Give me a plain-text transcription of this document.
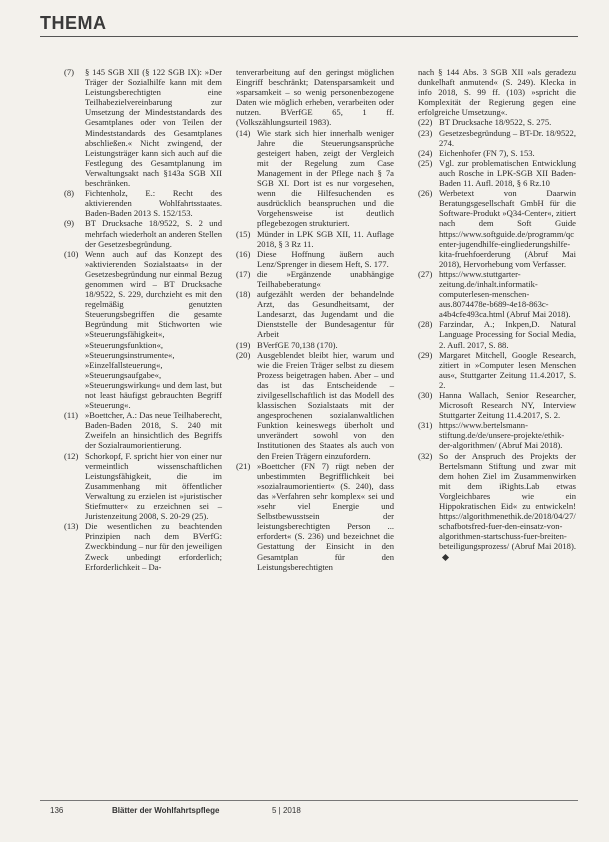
THEMA
(7)	§ 145 SGB XII (§ 122 SGB IX): »Der Träger der Sozialhilfe kann mit dem Leistungsberechtigten eine Teilhabezielvereinbarung zur Umsetzung der Mindeststandards des Gesamtplanes oder von Teilen der Mindeststandards des Gesamtplanes abschließen.« Nicht zwingend, der Leistungsträger kann sich auch auf die Festlegung des Gesamtplanung im Verwaltungsakt nach §143a SGB XII beschränken.
(8)	Fichtenholz, E.: Recht des aktivierenden Wohlfahrtsstaates. Baden-Baden 2013 S. 152/153.
(9)	BT Drucksache 18/9522, S. 2 und mehrfach wiederholt an anderen Stellen der Gesetzesbegründung.
(10) Wenn auch auf das Konzept des »aktivierenden Sozialstaats« in der Gesetzesbegründung nur einmal Bezug genommen wird – BT Drucksache 18/9522, S. 229, durchzieht es mit den regelmäßig genutzten Steuerungsbegriffen die gesamte Begründung mit Stichworten wie »Steuerungsfähigkeit«, »Steuerungsfunktion«, »Steuerungsinstrumente«, »Einzelfallsteuerung«, »Steuerungsaufgabe«, »Steuerungswirkung« und dem last, but not least häufigst gebrauchten Begriff »Steuerung«.
(11) »Boettcher, A.: Das neue Teilhaberecht, Baden-Baden 2018, S. 240 mit Zweifeln an hinsichtlich des Begriffs der Sozialraumorientierung.
(12) Schorkopf, F. spricht hier von einer nur vermeintlich wissenschaftlichen Leistungsfähigkeit, die im Zusammenhang mit öffentlicher Verwaltung zu erzielen ist »juristischer Stiefmutter« zu erzeichnen sei – Juristenzeitung 2008, S. 20-29 (25).
(13) Die wesentlichen zu beachtenden Prinzipien nach dem BVerfG: Zweckbindung – nur für den jeweiligen Zweck unbedingt erforderlich; Erforderlichkeit – Da-
tenverarbeitung auf den geringst möglichen Eingriff beschränkt; Datensparsamkeit und »sparsamkeit – so wenig personenbezogene Daten wie möglich erheben, verarbeiten oder nutzen. BVerfGE 65, 1 ff. (Volkszählungsurteil 1983).
(14) Wie stark sich hier innerhalb weniger Jahre die Steuerungsansprüche gesteigert haben, zeigt der Vergleich mit der Regelung zum Case Management in der Pflege nach § 7a SGB XI. Dort ist es nur vorgesehen, wenn die Hilfesuchenden es ausdrücklich beanspruchen und die Vorgehensweise ist deutlich pflegebezogen strukturiert.
(15) Münder in LPK SGB XII, 11. Auflage 2018, § 3 Rz 11.
(16) Diese Hoffnung äußern auch Lenz/Sprenger in diesem Heft, S. 177.
(17) die »Ergänzende unabhängige Teilhabeberatung«
(18) aufgezählt werden der behandelnde Arzt, das Gesundheitsamt, der Landesarzt, das Jugendamt und die Dienststelle der Bundesagentur für Arbeit
(19) BVerfGE 70,138 (170).
(20) Ausgeblendet bleibt hier, warum und wie die Freien Träger selbst zu diesem Prozess beigetragen haben. Aber – und das ist das Entscheidende – zivilgesellschaftlich ist das Modell des klassischen Sozialstaats mit der angesprochenen sozialanwaltlichen Funktion keineswegs überholt und unverändert sowohl von den Institutionen des Staates als auch von den Freien Trägern einzufordern.
(21) »Boettcher (FN 7) rügt neben der unbestimmten Begrifflichkeit bei »sozialraumorientiert« (S. 240), dass das »Verfahren sehr komplex« sei und »sehr viel Energie und Selbstbewusstsein der leistungsberechtigten Person ... erfordert« (S. 236) und bezeichnet die Gestattung der Einsicht in den Gesamtplan für den Leistungsberechtigten
nach § 144 Abs. 3 SGB XII »als geradezu dunkelhaft anmutend« (S. 249). Klecka in info 2018, S. 99 ff. (103) »spricht die Komplexität der Regierung gegen eine erfolgreiche Umsetzung«.
(22) BT Drucksache 18/9522, S. 275.
(23) Gesetzesbegründung – BT-Dr. 18/9522, 274.
(24) Eichenhofer (FN 7), S. 153.
(25) Vgl. zur problematischen Entwicklung auch Rosche in LPK-SGB XII Baden-Baden 11. Aufl. 2018, § 6 Rz.10
(26) Werbetext von Daarwin Beratungsgesellschaft GmbH für die Software-Produkt »Q34-Center«, zitiert nach dem Soft Guide https://www.softguide.de/programm/qcenter-jugendhilfe-eingliederungshilfe-kita-fruehfoerderung (Abruf Mai 2018), Hervorhebung vom Verfasser.
(27) https://www.stuttgarter-zeitung.de/inhalt.informatik-computerlesen-menschen-aus.8074478e-b689-4e18-863c-a4b4cfe493ca.html (Abruf Mai 2018).
(28) Farzindar, A.; Inkpen,D. Natural Language Processing for Social Media, 2. Aufl. 2017, S. 88.
(29) Margaret Mitchell, Google Research, zitiert in »Computer lesen Menschen aus«, Stuttgarter Zeitung 11.4.2017, S. 2.
(30) Hanna Wallach, Senior Researcher, Microsoft Research NY, Interview Stuttgarter Zeitung 11.4.2017, S. 2.
(31) https://www.bertelsmann-stiftung.de/de/unsere-projekte/ethik-der-algorithmen/ (Abruf Mai 2018).
(32) So der Anspruch des Projekts der Bertelsmann Stiftung und zwar mit dem hohen Ziel im Zusammenwirken mit dem iRights.Lab etwas Vorgleichbares wie ein Hippokratischen Eid« zu entwickeln! https://algorithmenethik.de/2018/04/27/schafbotsfred-fuer-den-einsatz-von-algorithmen-startschuss-fuer-breiten-beteiligungsprozess/ (Abruf Mai 2018).
136	Blätter der Wohlfahrtspflege	5 | 2018
